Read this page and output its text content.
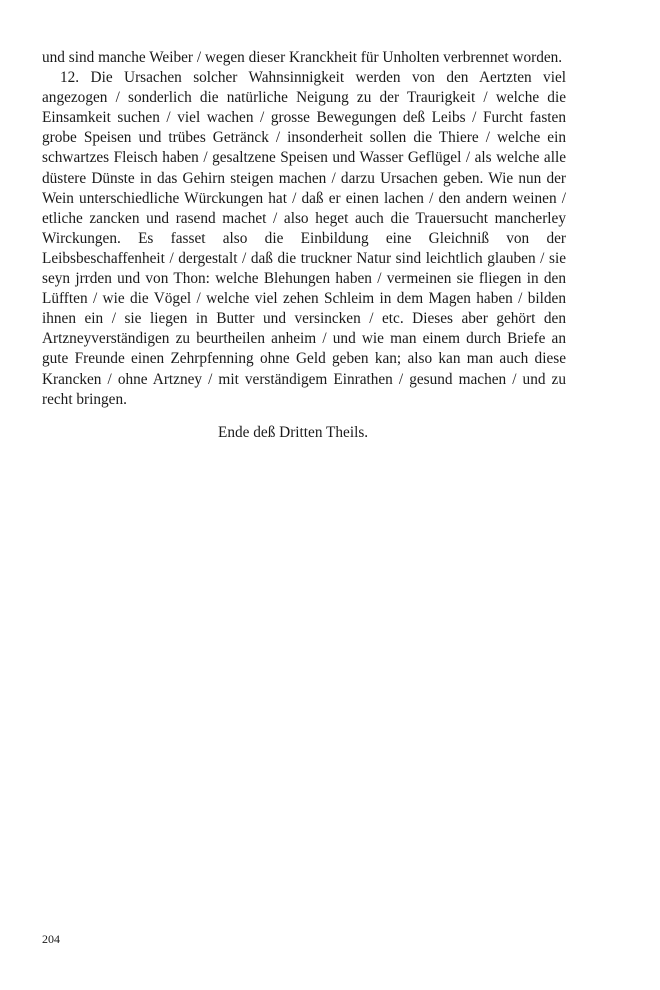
und sind manche Weiber / wegen dieser Kranckheit für Unholten verbrennet worden.

12. Die Ursachen solcher Wahnsinnigkeit werden von den Aertzten viel angezogen / sonderlich die natürliche Neigung zu der Traurigkeit / welche die Einsamkeit suchen / viel wachen / grosse Bewegungen deß Leibs / Furcht fasten grobe Speisen und trübes Getränck / insonderheit sollen die Thiere / welche ein schwartzes Fleisch haben / gesaltzene Speisen und Wasser Geflügel / als welche alle düstere Dünste in das Gehirn steigen machen / darzu Ursachen geben. Wie nun der Wein unterschiedliche Würckungen hat / daß er einen lachen / den andern weinen / etliche zancken und rasend machet / also heget auch die Trauersucht mancherley Wirckungen. Es fasset also die Einbildung eine Gleichniß von der Leibsbeschaffenheit / dergestalt / daß die truckner Natur sind leichtlich glauben / sie seyn jrrden und von Thon: welche Blehungen haben / vermeinen sie fliegen in den Lüfften / wie die Vögel / welche viel zehen Schleim in dem Magen haben / bilden ihnen ein / sie liegen in Butter und versincken / etc. Dieses aber gehört den Artzneyverständigen zu beurtheilen anheim / und wie man einem durch Briefe an gute Freunde einen Zehrpfenning ohne Geld geben kan; also kan man auch diese Krancken / ohne Artzney / mit verständigem Einrathen / gesund machen / und zu recht bringen.

Ende deß Dritten Theils.

204
